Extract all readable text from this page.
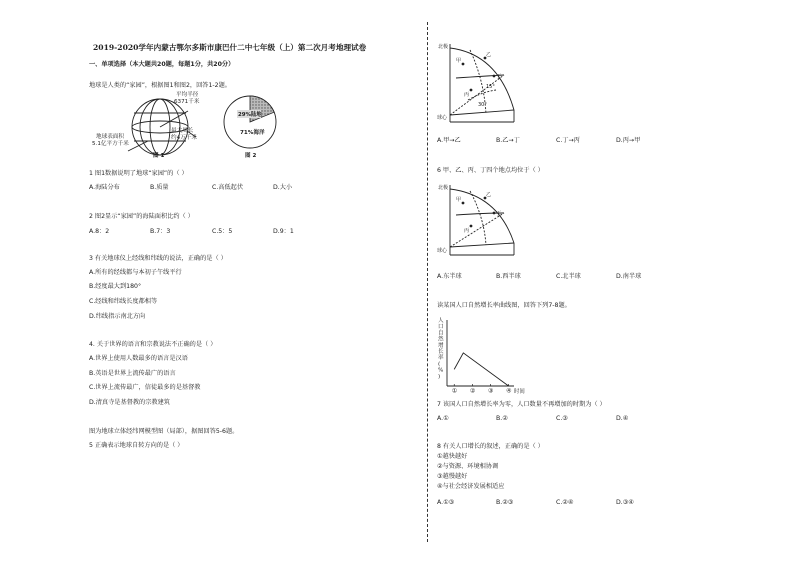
2019-2020学年内蒙古鄂尔多斯市康巴什二中七年级（上）第二次月考地理试卷
一、单项选择（本大题共20题，每题1分，共20分）
地球是人类的“家园”，根据图1和图2，回答1-2题。
平均半径
6371千米
最大周长
约4万千米
地球表面积
5.1亿平方千米
图 1
29%陆地
71%海洋
图 2
1 图1数据说明了地球“家园”的（ ）
A.海陆分布	B.质量	C.高低起伏	D.大小
2 图2显示“家园”的海陆面积比约（ ）
A.8：2	B.7：3	C.5：5	D.9：1
3 有关地球仪上经线和纬线的说法，正确的是（ ）
A.所有的经线都与本初子午线平行
B.经度最大到180°
C.经线和纬线长度都相等
D.纬线指示南北方向
4. 关于世界的语言和宗教说法不正确的是（ ）
A.世界上使用人数最多的语言是汉语
B.英语是世界上流传最广的语言
C.世界上流传最广，信徒最多的是基督教
D.清真寺是基督教的宗教建筑
图为地球立体经纬网模型图（局部），据图回答5-6题。
5 正确表示地球自转方向的是（ ）
北极
球心
甲
乙
丙
丁
30°
15°
A.甲→乙	B.乙→丁	C.丁→丙	D.丙→甲
6 甲、乙、丙、丁四个地点均位于（ ）
北极
球心
甲
乙
丙
丁
A.东半球	B.西半球	C.北半球	D.南半球
读某国人口自然增长率曲线图，回答下列7-8题。
人口自然增长率( % )
① ② ③ ④ 时间
7 该国人口自然增长率为零，人口数量不再增加的时期为（ ）
A.①	B.②	C.③	D.④
8 有关人口增长的叙述，正确的是（ ）
①越快越好
②与资源、环境相协调
③越慢越好
④与社会经济发展相适应
A.①③	B.②③	C.②④	D.③④
